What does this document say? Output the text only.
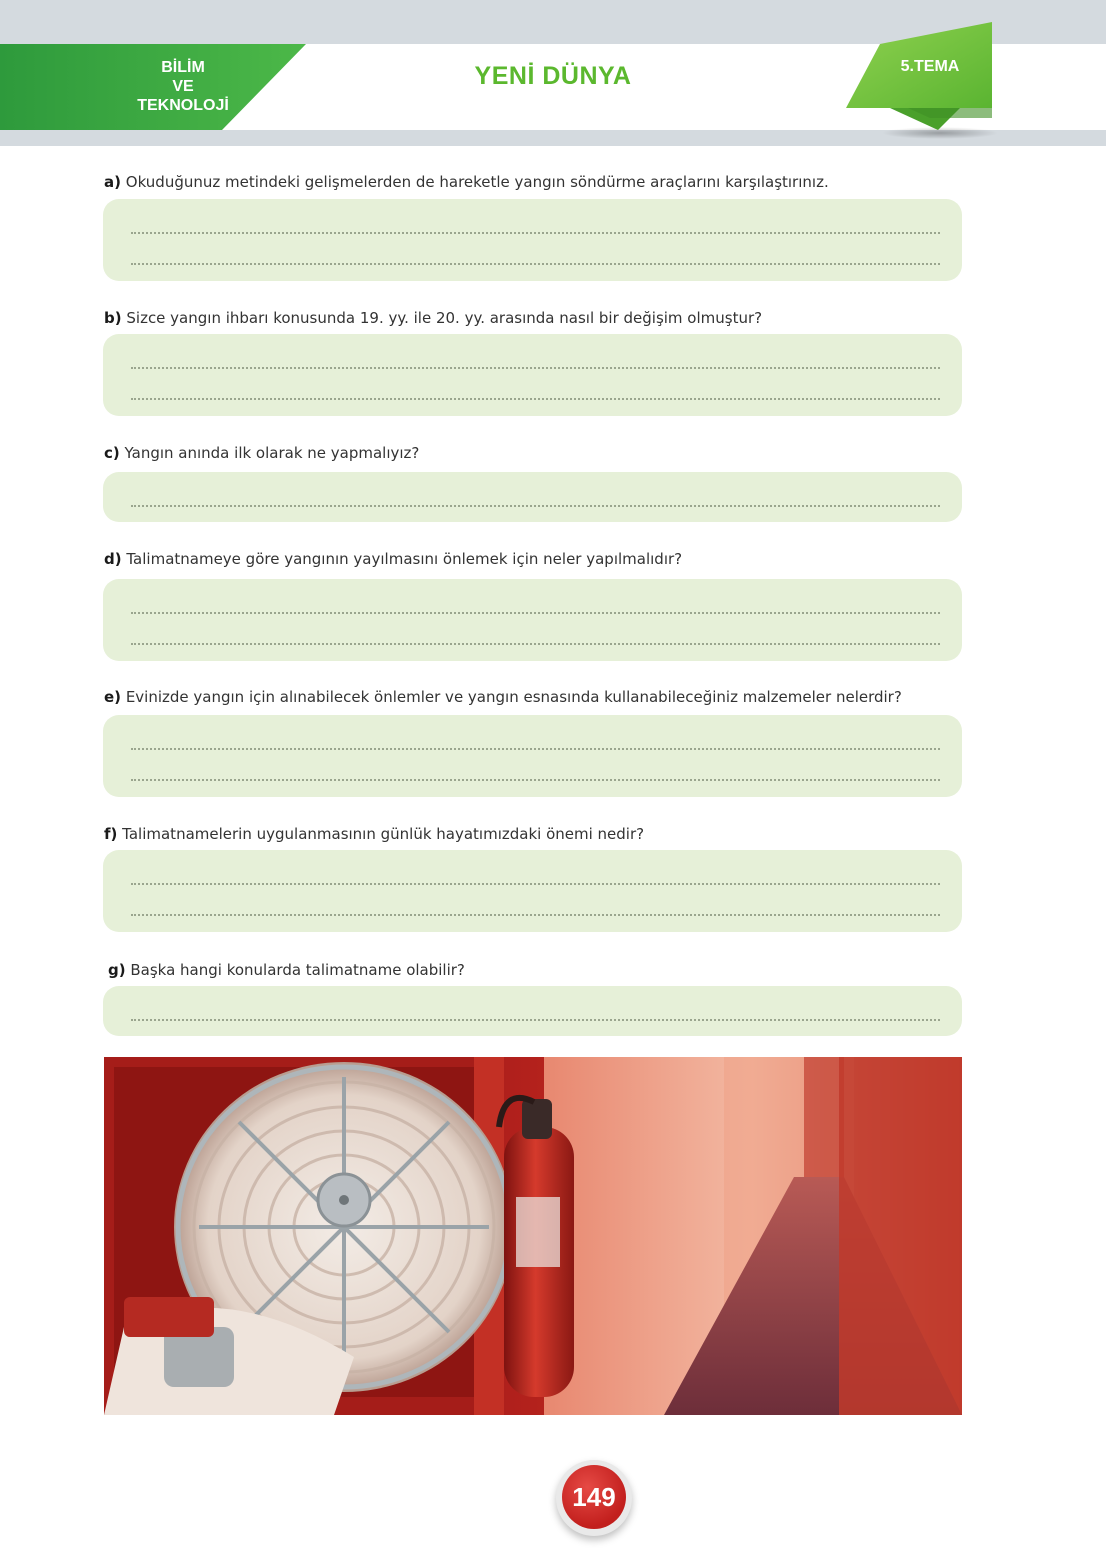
BİLİM
VE
TEKNOLOJİ
YENİ DÜNYA	5.TEMA
a) Okuduğunuz metindeki gelişmelerden de hareketle yangın söndürme araçlarını karşılaştırınız.
b) Sizce yangın ihbarı konusunda 19. yy. ile 20. yy. arasında nasıl bir değişim olmuştur?
c) Yangın anında ilk olarak ne yapmalıyız?
d) Talimatnameye göre yangının yayılmasını önlemek için neler yapılmalıdır?
e) Evinizde yangın için alınabilecek önlemler ve yangın esnasında kullanabileceğiniz malzemeler nelerdir?
f) Talimatnamelerin uygulanmasının günlük hayatımızdaki önemi nedir?
g) Başka hangi konularda talimatname olabilir?
149
